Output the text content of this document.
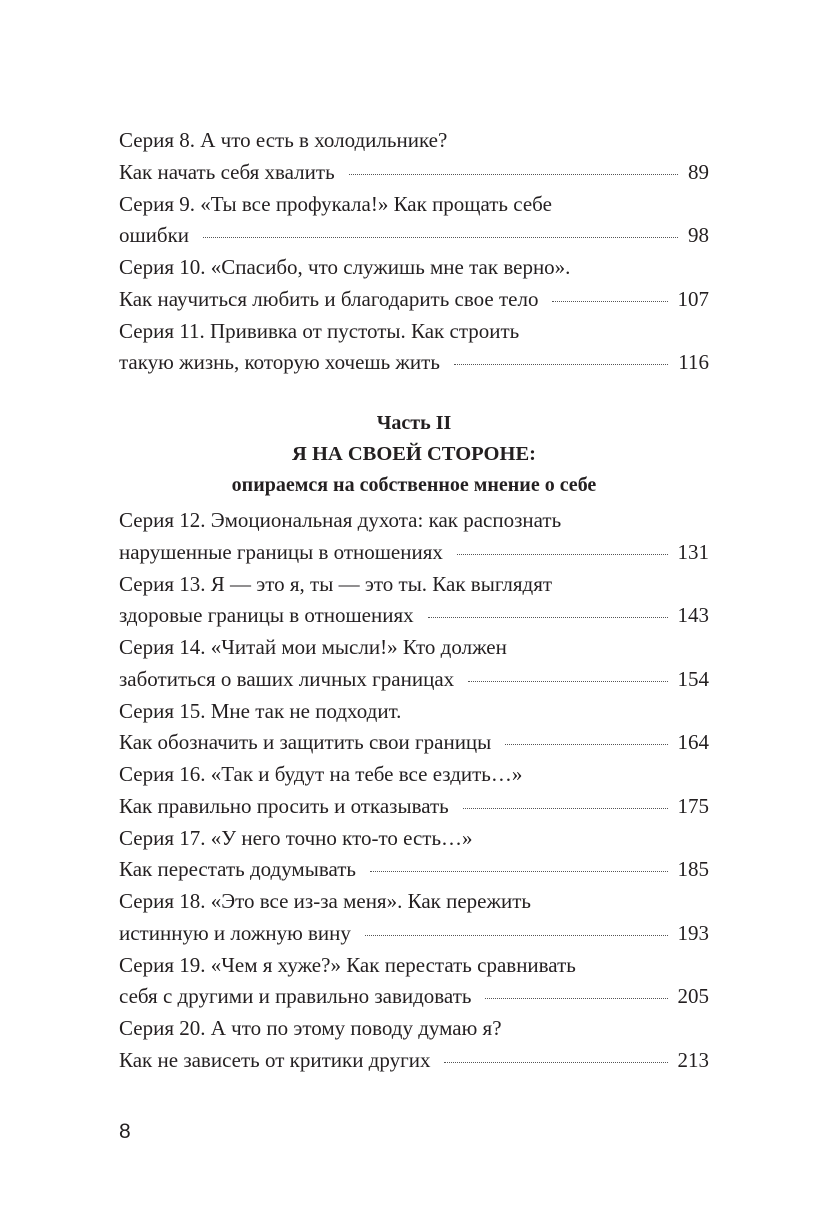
Серия 8. А что есть в холодильнике?
Как начать себя хвалить	89
Серия 9. «Ты все профукала!» Как прощать себе
ошибки	98
Серия 10. «Спасибо, что служишь мне так верно».
Как научиться любить и благодарить свое тело	107
Серия 11. Прививка от пустоты. Как строить
такую жизнь, которую хочешь жить	116
Часть II
Я НА СВОЕЙ СТОРОНЕ:
опираемся на собственное мнение о себе
Серия 12. Эмоциональная духота: как распознать
нарушенные границы в отношениях	131
Серия 13. Я — это я, ты — это ты. Как выглядят
здоровые границы в отношениях	143
Серия 14. «Читай мои мысли!» Кто должен
заботиться о ваших личных границах	154
Серия 15. Мне так не подходит.
Как обозначить и защитить свои границы	164
Серия 16. «Так и будут на тебе все ездить…»
Как правильно просить и отказывать	175
Серия 17. «У него точно кто-то есть…»
Как перестать додумывать	185
Серия 18. «Это все из-за меня». Как пережить
истинную и ложную вину	193
Серия 19. «Чем я хуже?» Как перестать сравнивать
себя с другими и правильно завидовать	205
Серия 20. А что по этому поводу думаю я?
Как не зависеть от критики других	213
8
